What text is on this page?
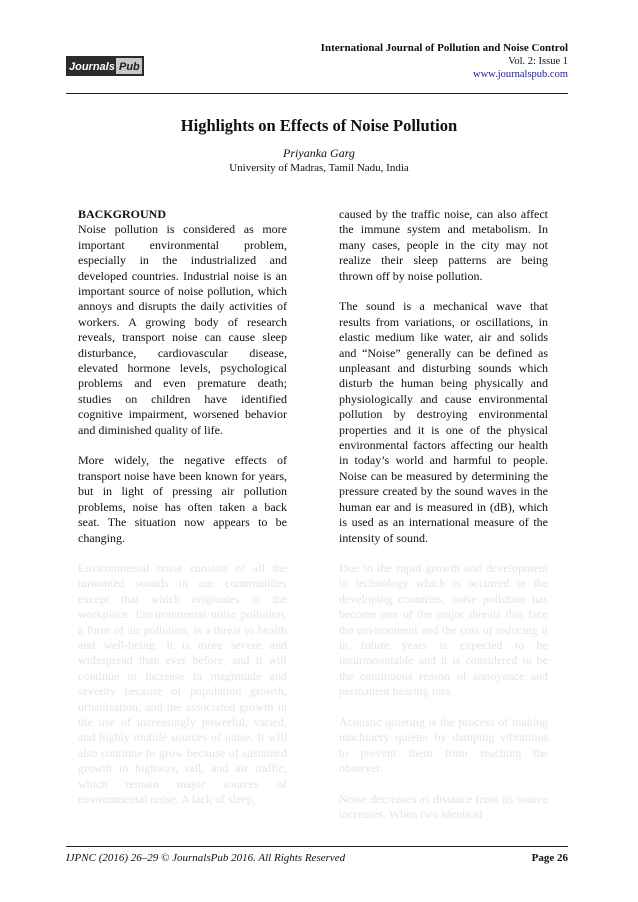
Journals Pub
International Journal of Pollution and Noise Control
Vol. 2: Issue 1
www.journalspub.com
Highlights on Effects of Noise Pollution
Priyanka Garg
University of Madras, Tamil Nadu, India
BACKGROUND

Noise pollution is considered as more important environmental problem, especially in the industrialized and developed countries. Industrial noise is an important source of noise pollution, which annoys and disrupts the daily activities of workers. A growing body of research reveals, transport noise can cause sleep disturbance, cardiovascular disease, elevated hormone levels, psychological problems and even premature death; studies on children have identified cognitive impairment, worsened behavior and diminished quality of life.

More widely, the negative effects of transport noise have been known for years, but in light of pressing air pollution problems, noise has often taken a back seat. The situation now appears to be changing.

caused by the traffic noise, can also affect the immune system and metabolism. In many cases, people in the city may not realize their sleep patterns are being thrown off by noise pollution.

The sound is a mechanical wave that results from variations, or oscillations, in elastic medium like water, air and solids and “Noise” generally can be defined as unpleasant and disturbing sounds which disturb the human being physically and physiologically and cause environmental pollution by destroying environmental properties and it is one of the physical environmental factors affecting our health in today’s world and harmful to people. Noise can be measured by determining the pressure created by the sound waves in the human ear and is measured in (dB), which is used as an international measure of the intensity of sound.

Environmental noise consists of all the unwanted sounds in our communities except that which originates in the workplace. Environmental noise pollution, a form of air pollution, is a threat to health and well-being. It is more severe and widespread than ever before, and it will continue to increase in magnitude and severity because of population growth, urbanization, and the associated growth in the use of increasingly powerful, varied, and highly mobile sources of noise. It will also continue to grow because of sustained growth in highway, rail, and air traffic, which remain major sources of environmental noise. A lack of sleep,

Due to the rapid growth and development in technology which is occurred in the developing countries, noise pollution has become one of the major threats that face the environment and the cost of reducing it in future years is expected to be insurmountable and it is considered to be the continuous reason of annoyance and permanent hearing loss.

Acoustic quieting is the process of making machinery quieter by damping vibrations to prevent them from reaching the observer.

Noise decreases as distance from its source increases. When two identical

IJPNC (2016) 26–29 © JournalsPub 2016. All Rights Reserved	Page 26
